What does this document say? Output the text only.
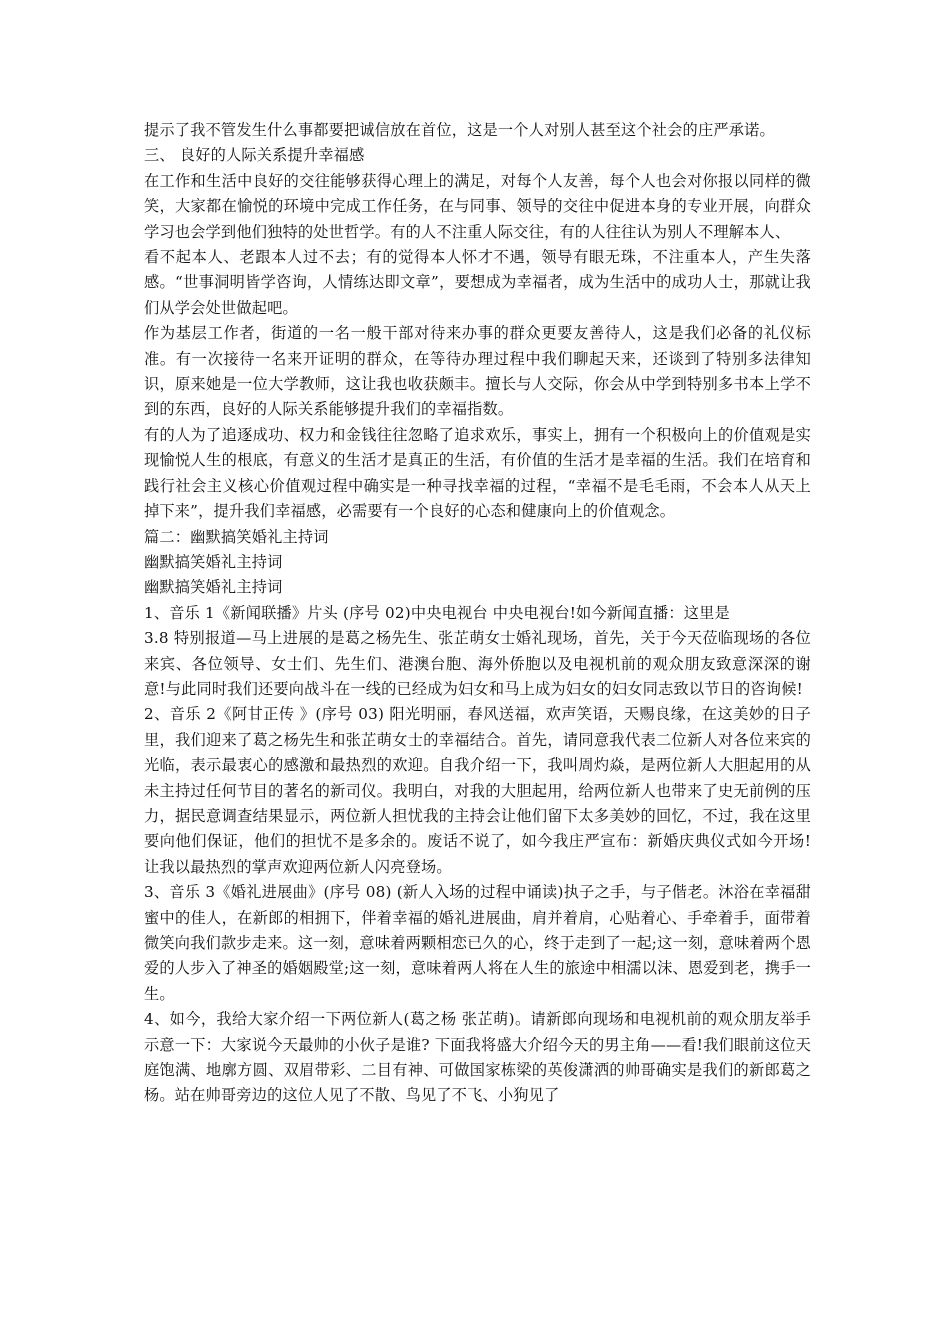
提示了我不管发生什么事都要把诚信放在首位，这是一个人对别人甚至这个社会的庄严承诺。

三、 良好的人际关系提升幸福感

在工作和生活中良好的交往能够获得心理上的满足，对每个人友善，每个人也会对你报以同样的微笑，大家都在愉悦的环境中完成工作任务，在与同事、领导的交往中促进本身的专业开展，向群众学习也会学到他们独特的处世哲学。有的人不注重人际交往，有的人往往认为别人不理解本人、

看不起本人、老跟本人过不去；有的觉得本人怀才不遇，领导有眼无珠，不注重本人，产生失落感。“世事洞明皆学咨询，人情练达即文章”，要想成为幸福者，成为生活中的成功人士，那就让我们从学会处世做起吧。

作为基层工作者，街道的一名一般干部对待来办事的群众更要友善待人，这是我们必备的礼仪标准。有一次接待一名来开证明的群众，在等待办理过程中我们聊起天来，还谈到了特别多法律知识，原来她是一位大学教师，这让我也收获颇丰。擅长与人交际，你会从中学到特别多书本上学不到的东西，良好的人际关系能够提升我们的幸福指数。

有的人为了追逐成功、权力和金钱往往忽略了追求欢乐，事实上，拥有一个积极向上的价值观是实现愉悦人生的根底，有意义的生活才是真正的生活，有价值的生活才是幸福的生活。我们在培育和践行社会主义核心价值观过程中确实是一种寻找幸福的过程，“幸福不是毛毛雨，不会本人从天上掉下来”，提升我们幸福感，必需要有一个良好的心态和健康向上的价值观念。

篇二：幽默搞笑婚礼主持词

幽默搞笑婚礼主持词

幽默搞笑婚礼主持词

1、音乐 1《新闻联播》片头 (序号 02)中央电视台 中央电视台!如今新闻直播：这里是

3.8 特别报道—马上进展的是葛之杨先生、张芷萌女士婚礼现场，首先，关于今天莅临现场的各位来宾、各位领导、女士们、先生们、港澳台胞、海外侨胞以及电视机前的观众朋友致意深深的谢意!与此同时我们还要向战斗在一线的已经成为妇女和马上成为妇女的妇女同志致以节日的咨询候!

2、音乐 2《阿甘正传 》(序号 03) 阳光明丽，春风送福，欢声笑语，天赐良缘，在这美妙的日子里，我们迎来了葛之杨先生和张芷萌女士的幸福结合。首先，请同意我代表二位新人对各位来宾的光临，表示最衷心的感激和最热烈的欢迎。自我介绍一下，我叫周灼焱，是两位新人大胆起用的从未主持过任何节目的著名的新司仪。我明白，对我的大胆起用，给两位新人也带来了史无前例的压力，据民意调查结果显示，两位新人担忧我的主持会让他们留下太多美妙的回忆，不过，我在这里要向他们保证，他们的担忧不是多余的。废话不说了，如今我庄严宣布：新婚庆典仪式如今开场!让我以最热烈的掌声欢迎两位新人闪亮登场。

3、音乐 3《婚礼进展曲》(序号 08) (新人入场的过程中诵读)执子之手，与子偕老。沐浴在幸福甜蜜中的佳人，在新郎的相拥下，伴着幸福的婚礼进展曲，肩并着肩，心贴着心、手牵着手，面带着微笑向我们款步走来。这一刻，意味着两颗相恋已久的心，终于走到了一起;这一刻，意味着两个恩爱的人步入了神圣的婚姻殿堂;这一刻，意味着两人将在人生的旅途中相濡以沫、恩爱到老，携手一生。

4、如今，我给大家介绍一下两位新人(葛之杨 张芷萌)。请新郎向现场和电视机前的观众朋友举手示意一下：大家说今天最帅的小伙子是谁? 下面我将盛大介绍今天的男主角——看!我们眼前这位天庭饱满、地廓方圆、双眉带彩、二目有神、可做国家栋梁的英俊潇洒的帅哥确实是我们的新郎葛之杨。站在帅哥旁边的这位人见了不散、鸟见了不飞、小狗见了
